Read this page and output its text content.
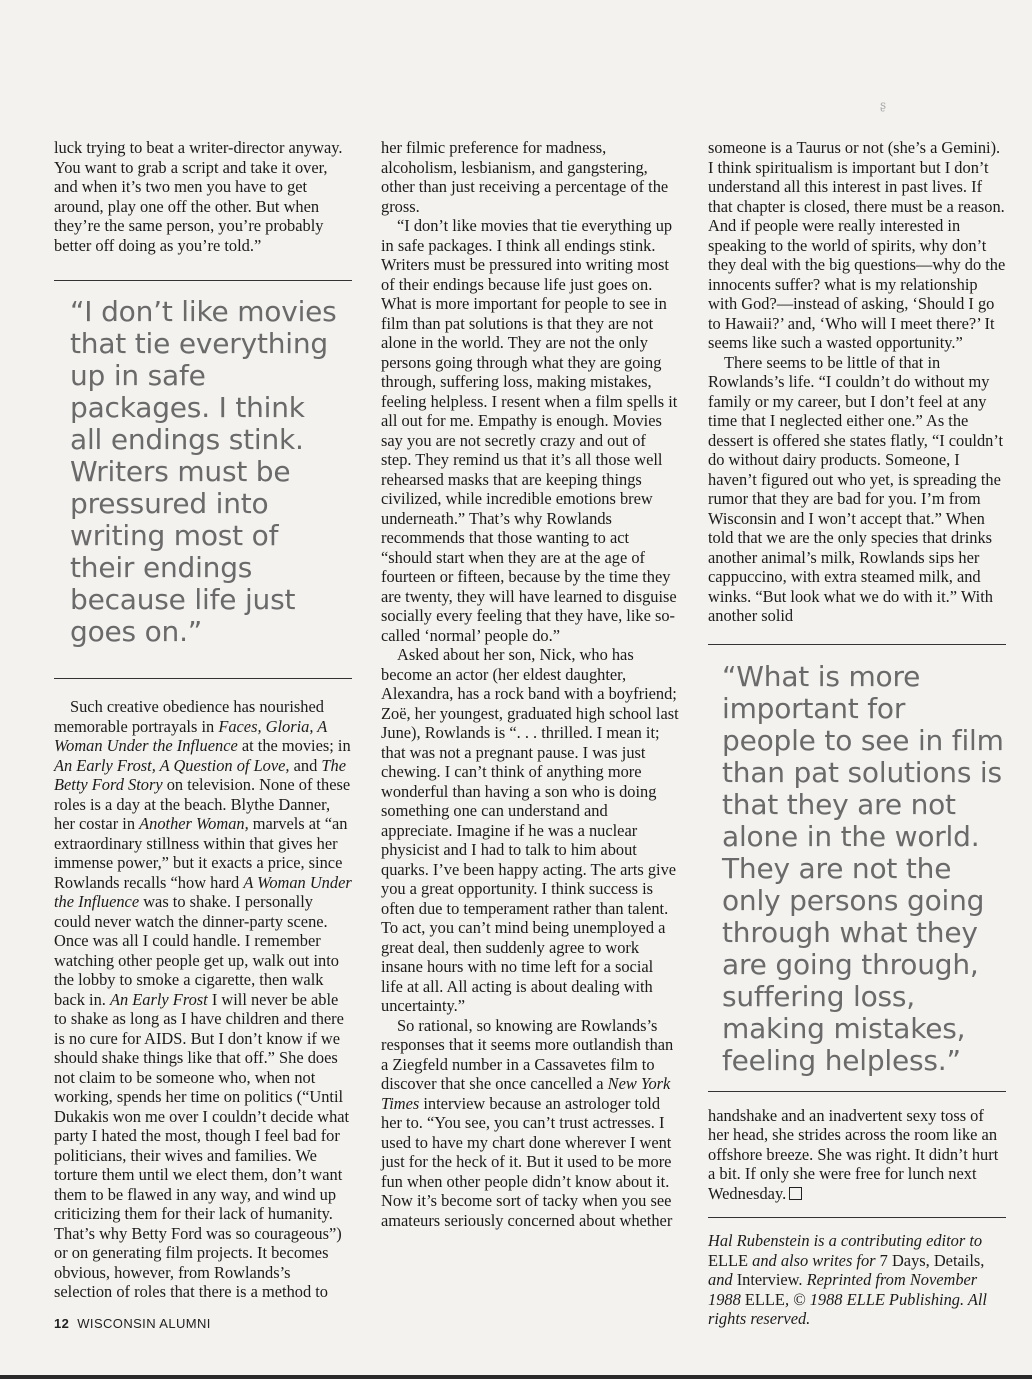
ʂ

luck trying to beat a writer-director anyway. You want to grab a script and take it over, and when it’s two men you have to get around, play one off the other. But when they’re the same person, you’re probably better off doing as you’re told.”

“I don’t like movies that tie everything up in safe packages. I think all endings stink. Writers must be pressured into writing most of their endings because life just goes on.”

Such creative obedience has nourished memorable portrayals in Faces, Gloria, A Woman Under the Influence at the movies; in An Early Frost, A Question of Love, and The Betty Ford Story on television. None of these roles is a day at the beach. Blythe Danner, her costar in Another Woman, marvels at “an extraordinary stillness within that gives her immense power,” but it exacts a price, since Rowlands recalls “how hard A Woman Under the Influence was to shake. I personally could never watch the dinner-party scene. Once was all I could handle. I remember watching other people get up, walk out into the lobby to smoke a cigarette, then walk back in. An Early Frost I will never be able to shake as long as I have children and there is no cure for AIDS. But I don’t know if we should shake things like that off.” She does not claim to be someone who, when not working, spends her time on politics (“Until Dukakis won me over I couldn’t decide what party I hated the most, though I feel bad for politicians, their wives and families. We torture them until we elect them, don’t want them to be flawed in any way, and wind up criticizing them for their lack of humanity. That’s why Betty Ford was so courageous”) or on generating film projects. It becomes obvious, however, from Rowlands’s selection of roles that there is a method to

her filmic preference for madness, alcoholism, lesbianism, and gangstering, other than just receiving a percentage of the gross.

“I don’t like movies that tie everything up in safe packages. I think all endings stink. Writers must be pressured into writing most of their endings because life just goes on. What is more important for people to see in film than pat solutions is that they are not alone in the world. They are not the only persons going through what they are going through, suffering loss, making mistakes, feeling helpless. I resent when a film spells it all out for me. Empathy is enough. Movies say you are not secretly crazy and out of step. They remind us that it’s all those well rehearsed masks that are keeping things civilized, while incredible emotions brew underneath.” That’s why Rowlands recommends that those wanting to act “should start when they are at the age of fourteen or fifteen, because by the time they are twenty, they will have learned to disguise socially every feeling that they have, like so-called ‘normal’ people do.”

Asked about her son, Nick, who has become an actor (her eldest daughter, Alexandra, has a rock band with a boyfriend; Zoë, her youngest, graduated high school last June), Rowlands is “. . . thrilled. I mean it; that was not a pregnant pause. I was just chewing. I can’t think of anything more wonderful than having a son who is doing something one can understand and appreciate. Imagine if he was a nuclear physicist and I had to talk to him about quarks. I’ve been happy acting. The arts give you a great opportunity. I think success is often due to temperament rather than talent. To act, you can’t mind being unemployed a great deal, then suddenly agree to work insane hours with no time left for a social life at all. All acting is about dealing with uncertainty.”

So rational, so knowing are Rowlands’s responses that it seems more outlandish than a Ziegfeld number in a Cassavetes film to discover that she once cancelled a New York Times interview because an astrologer told her to. “You see, you can’t trust actresses. I used to have my chart done wherever I went just for the heck of it. But it used to be more fun when other people didn’t know about it. Now it’s become sort of tacky when you see amateurs seriously concerned about whether

someone is a Taurus or not (she’s a Gemini). I think spiritualism is important but I don’t understand all this interest in past lives. If that chapter is closed, there must be a reason. And if people were really interested in speaking to the world of spirits, why don’t they deal with the big questions—why do the innocents suffer? what is my relationship with God?—instead of asking, ‘Should I go to Hawaii?’ and, ‘Who will I meet there?’ It seems like such a wasted opportunity.”

There seems to be little of that in Rowlands’s life. “I couldn’t do without my family or my career, but I don’t feel at any time that I neglected either one.” As the dessert is offered she states flatly, “I couldn’t do without dairy products. Someone, I haven’t figured out who yet, is spreading the rumor that they are bad for you. I’m from Wisconsin and I won’t accept that.” When told that we are the only species that drinks another animal’s milk, Rowlands sips her cappuccino, with extra steamed milk, and winks. “But look what we do with it.” With another solid

“What is more important for people to see in film than pat solutions is that they are not alone in the world. They are not the only persons going through what they are going through, suffering loss, making mistakes, feeling helpless.”

handshake and an inadvertent sexy toss of her head, she strides across the room like an offshore breeze. She was right. It didn’t hurt a bit. If only she were free for lunch next Wednesday.

Hal Rubenstein is a contributing editor to ELLE and also writes for 7 Days, Details, and Interview. Reprinted from November 1988 ELLE, © 1988 ELLE Publishing. All rights reserved.

12 WISCONSIN ALUMNI
